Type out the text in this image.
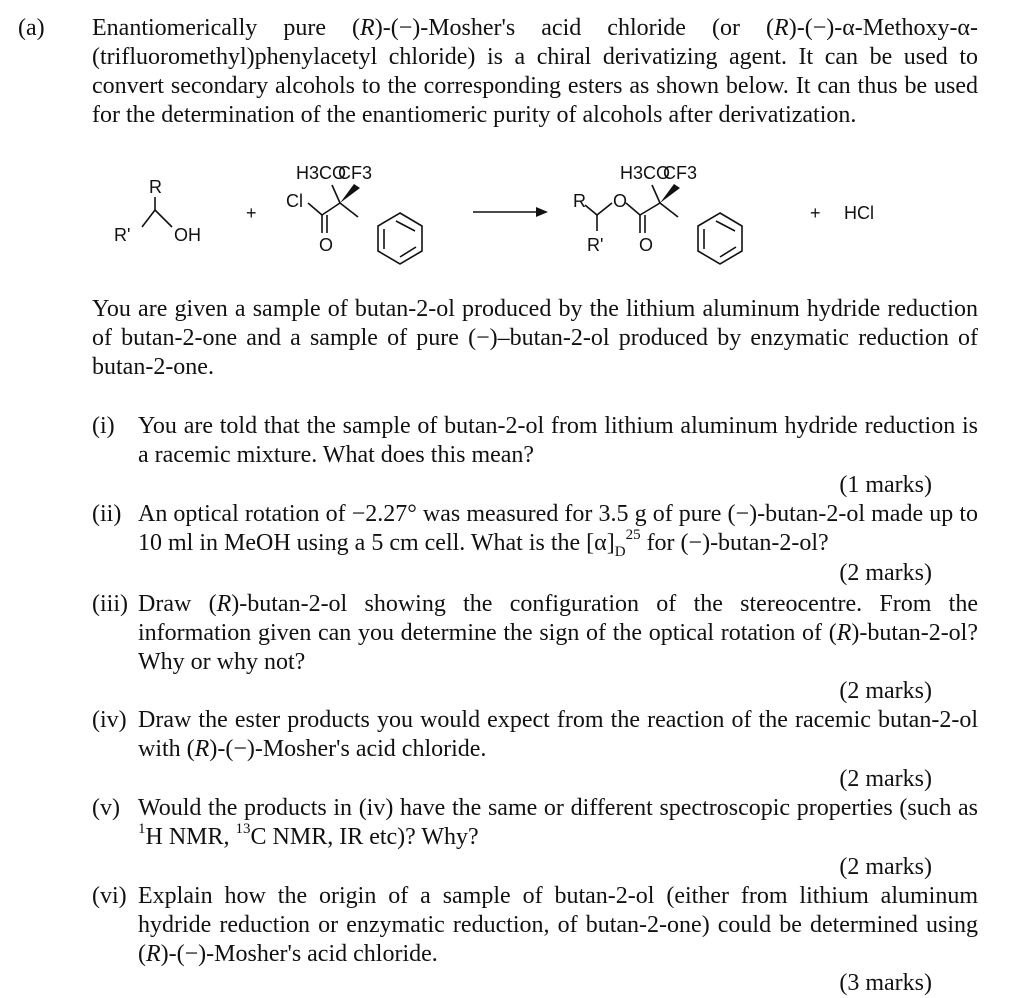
(a) Enantiomerically pure (R)-(−)-Mosher's acid chloride (or (R)-(−)-α-Methoxy-α-(trifluoromethyl)phenylacetyl chloride) is a chiral derivatizing agent. It can be used to convert secondary alcohols to the corresponding esters as shown below. It can thus be used for the determination of the enantiomeric purity of alcohols after derivatization.
R
R' OH
+
H3CO
CF3
Cl
O
H3CO
CF3
R O
R' O
+ HCl
You are given a sample of butan-2-ol produced by the lithium aluminum hydride reduction of butan-2-one and a sample of pure (−)–butan-2-ol produced by enzymatic reduction of butan-2-one.
(i) You are told that the sample of butan-2-ol from lithium aluminum hydride reduction is a racemic mixture. What does this mean?
(1 marks)
(ii) An optical rotation of −2.27° was measured for 3.5 g of pure (−)-butan-2-ol made up to 10 ml in MeOH using a 5 cm cell. What is the $[\alpha]_D^{25}$ for (−)-butan-2-ol?
(2 marks)
(iii) Draw (R)-butan-2-ol showing the configuration of the stereocentre. From the information given can you determine the sign of the optical rotation of (R)-butan-2-ol? Why or why not?
(2 marks)
(iv) Draw the ester products you would expect from the reaction of the racemic butan-2-ol with (R)-(−)-Mosher's acid chloride.
(2 marks)
(v) Would the products in (iv) have the same or different spectroscopic properties (such as $^1$H NMR, $^{13}$C NMR, IR etc)? Why?
(2 marks)
(vi) Explain how the origin of a sample of butan-2-ol (either from lithium aluminum hydride reduction or enzymatic reduction, of butan-2-one) could be determined using (R)-(−)-Mosher's acid chloride.
(3 marks)
